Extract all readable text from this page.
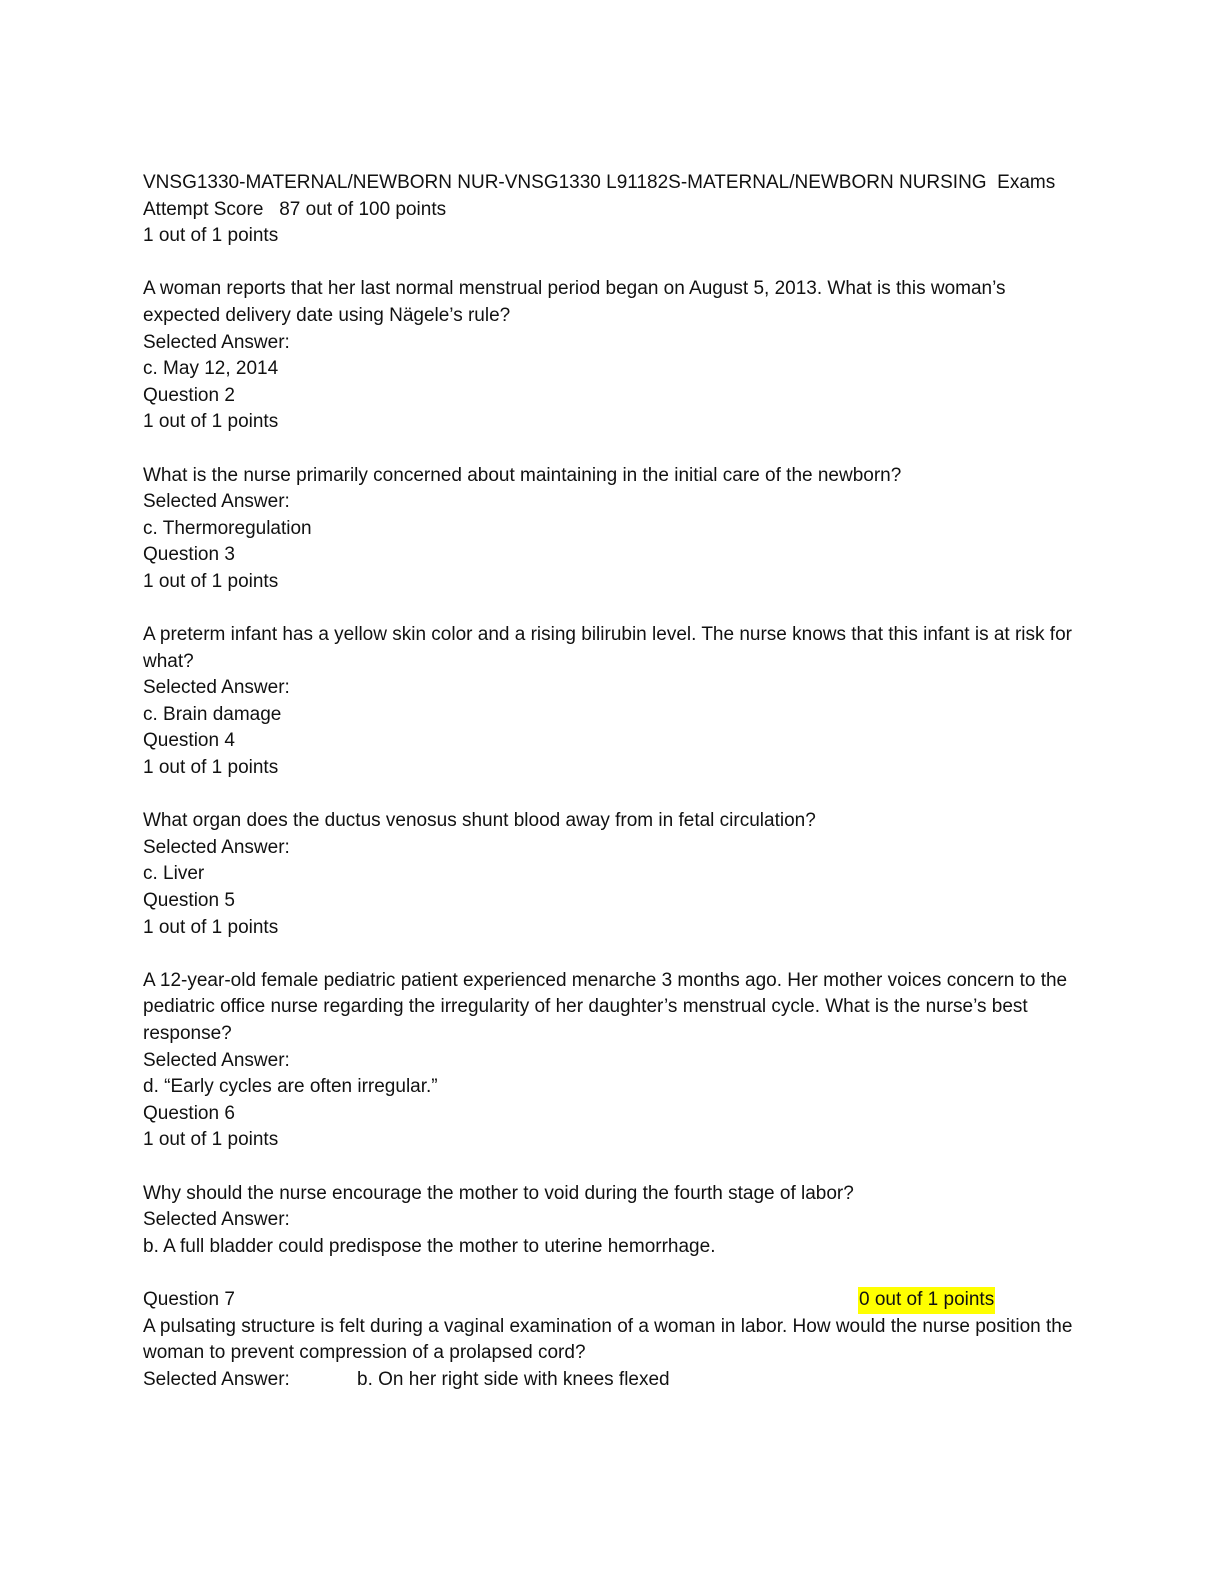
VNSG1330-MATERNAL/NEWBORN NUR-VNSG1330 L91182S-MATERNAL/NEWBORN NURSING  Exams
Attempt Score   87 out of 100 points
1 out of 1 points
A woman reports that her last normal menstrual period began on August 5, 2013. What is this woman’s expected delivery date using Nägele’s rule?
Selected Answer:
c. May 12, 2014
Question 2
1 out of 1 points
What is the nurse primarily concerned about maintaining in the initial care of the newborn?
Selected Answer:
c. Thermoregulation
Question 3
1 out of 1 points
A preterm infant has a yellow skin color and a rising bilirubin level. The nurse knows that this infant is at risk for what?
Selected Answer:
c. Brain damage
Question 4
1 out of 1 points
What organ does the ductus venosus shunt blood away from in fetal circulation?
Selected Answer:
c. Liver
Question 5
1 out of 1 points
A 12-year-old female pediatric patient experienced menarche 3 months ago. Her mother voices concern to the pediatric office nurse regarding the irregularity of her daughter’s menstrual cycle. What is the nurse’s best response?
Selected Answer:
d. “Early cycles are often irregular.”
Question 6
1 out of 1 points
Why should the nurse encourage the mother to void during the fourth stage of labor?
Selected Answer:
b. A full bladder could predispose the mother to uterine hemorrhage.
Question 7	0 out of 1 points
A pulsating structure is felt during a vaginal examination of a woman in labor. How would the nurse position the woman to prevent compression of a prolapsed cord?
Selected Answer:	b. On her right side with knees flexed
